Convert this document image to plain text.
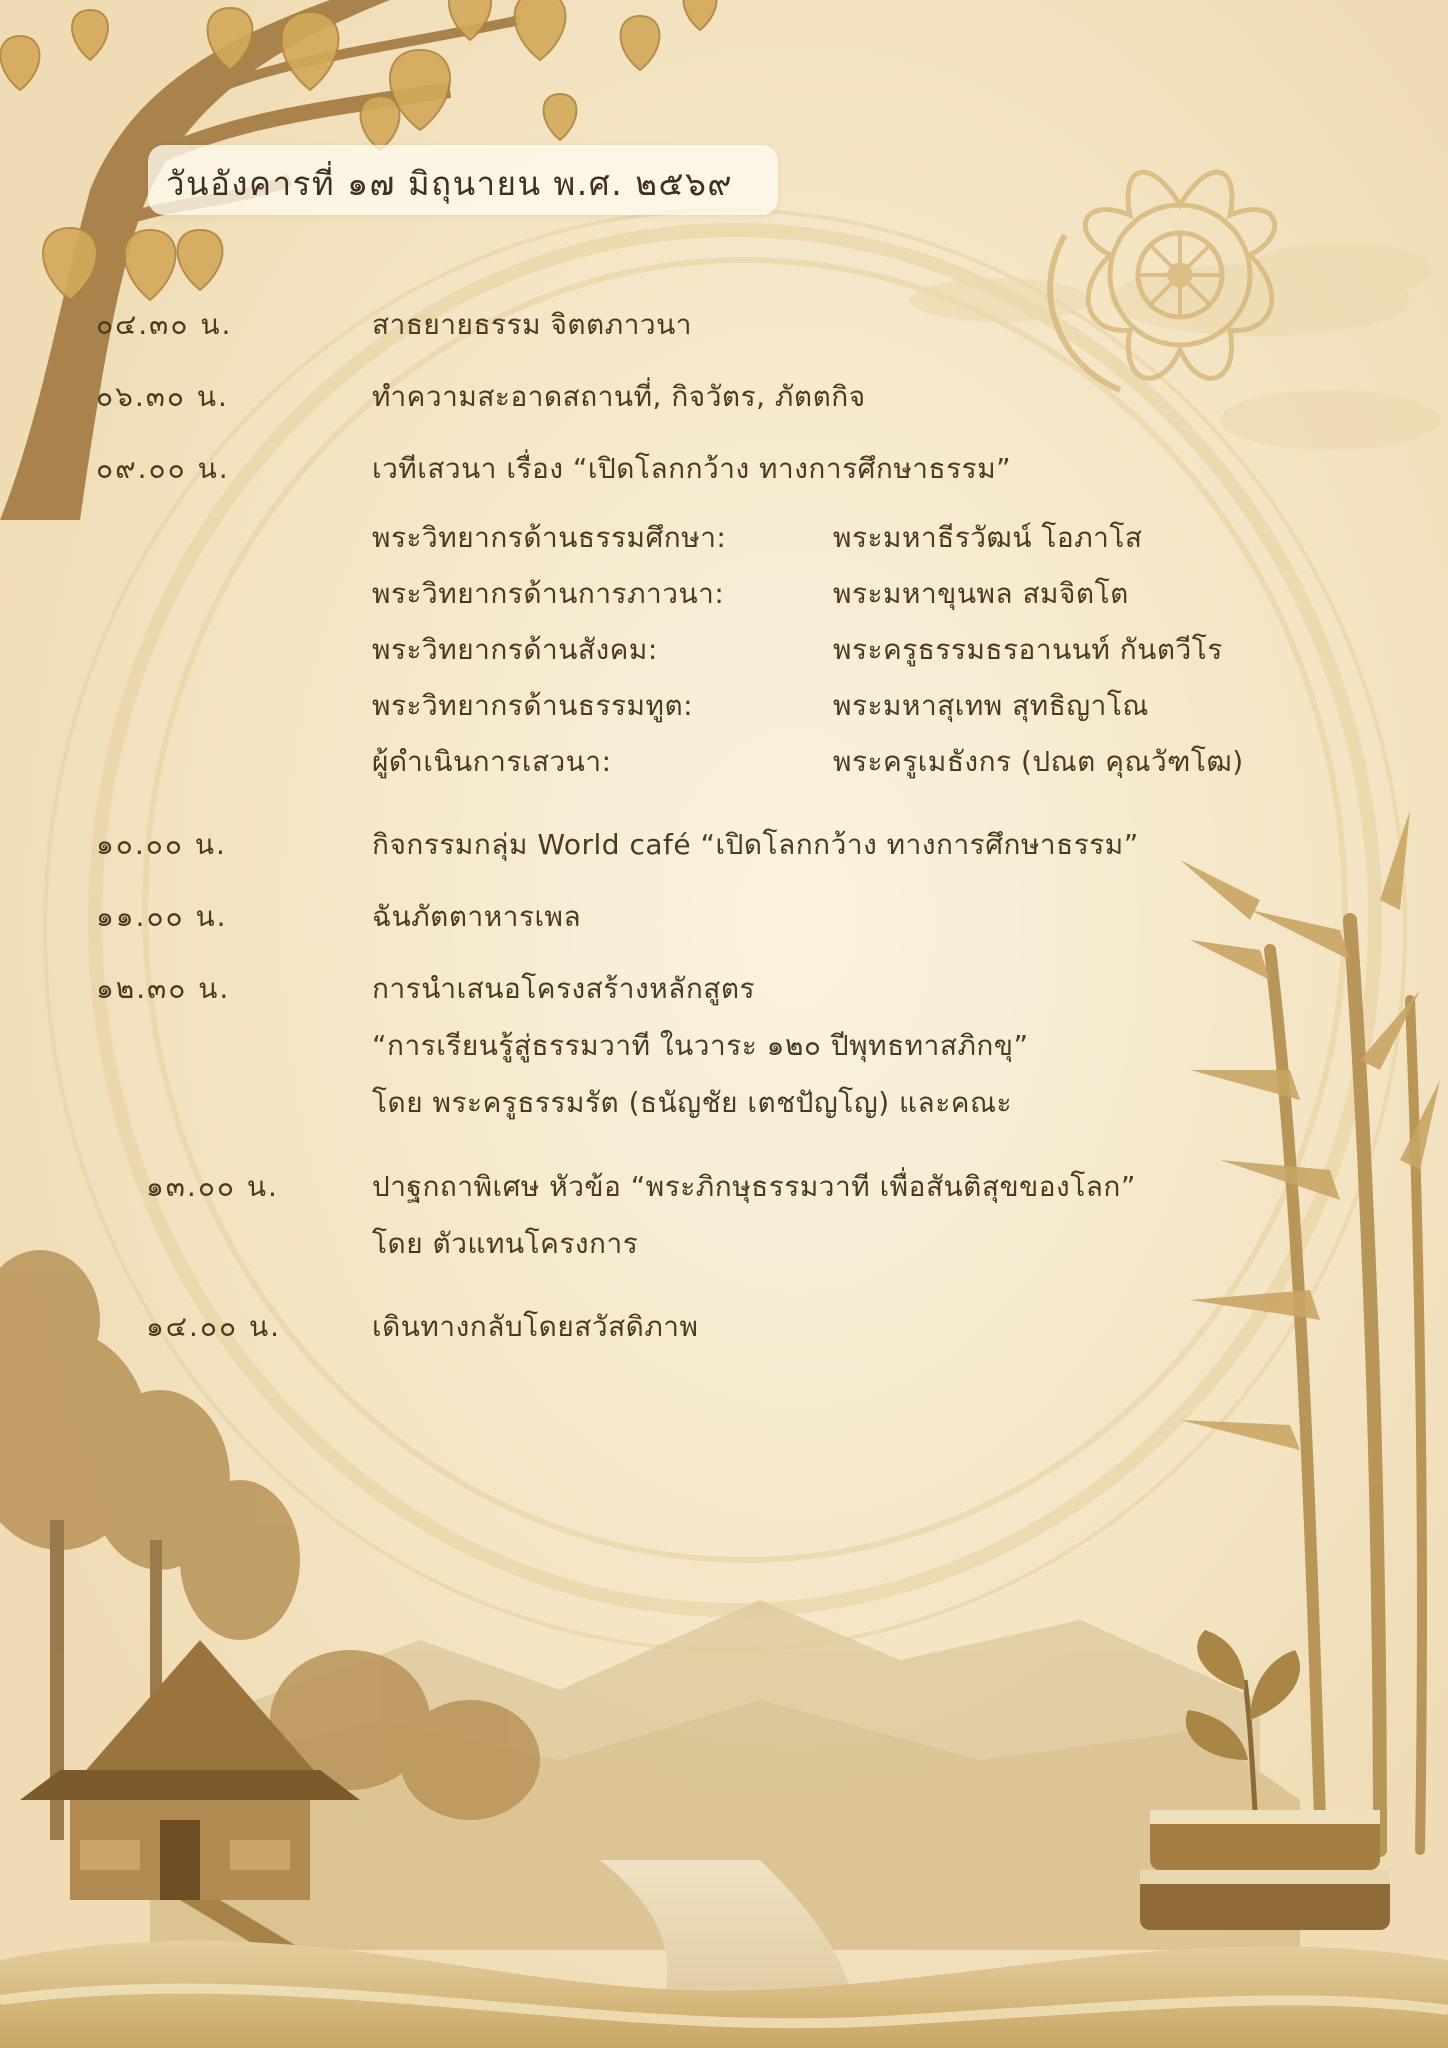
วันอังคารที่ ๑๗ มิถุนายน พ.ศ. ๒๕๖๙
๐๔.๓๐ น.	สาธยายธรรม จิตตภาวนา
๐๖.๓๐ น.	ทำความสะอาดสถานที่, กิจวัตร, ภัตตกิจ
๐๙.๐๐ น.	เวทีเสวนา เรื่อง “เปิดโลกกว้าง ทางการศึกษาธรรม”
พระวิทยากรด้านธรรมศึกษา:	พระมหาธีรวัฒน์ โอภาโส
พระวิทยากรด้านการภาวนา:	พระมหาขุนพล สมจิตโต
พระวิทยากรด้านสังคม:	พระครูธรรมธรอานนท์ กันตวีโร
พระวิทยากรด้านธรรมทูต:	พระมหาสุเทพ สุทธิญาโณ
ผู้ดำเนินการเสวนา:	พระครูเมธังกร (ปณต คุณวัฑโฒ)
๑๐.๐๐ น.	กิจกรรมกลุ่ม World café “เปิดโลกกว้าง ทางการศึกษาธรรม”
๑๑.๐๐ น.	ฉันภัตตาหารเพล
๑๒.๓๐ น.	การนำเสนอโครงสร้างหลักสูตร
“การเรียนรู้สู่ธรรมวาที ในวาระ ๑๒๐ ปีพุทธทาสภิกขุ”
โดย พระครูธรรมรัต (ธนัญชัย เตชปัญโญ) และคณะ
๑๓.๐๐ น.	ปาฐกถาพิเศษ หัวข้อ “พระภิกษุธรรมวาที เพื่อสันติสุขของโลก”
โดย ตัวแทนโครงการ
๑๔.๐๐ น.	เดินทางกลับโดยสวัสดิภาพ
